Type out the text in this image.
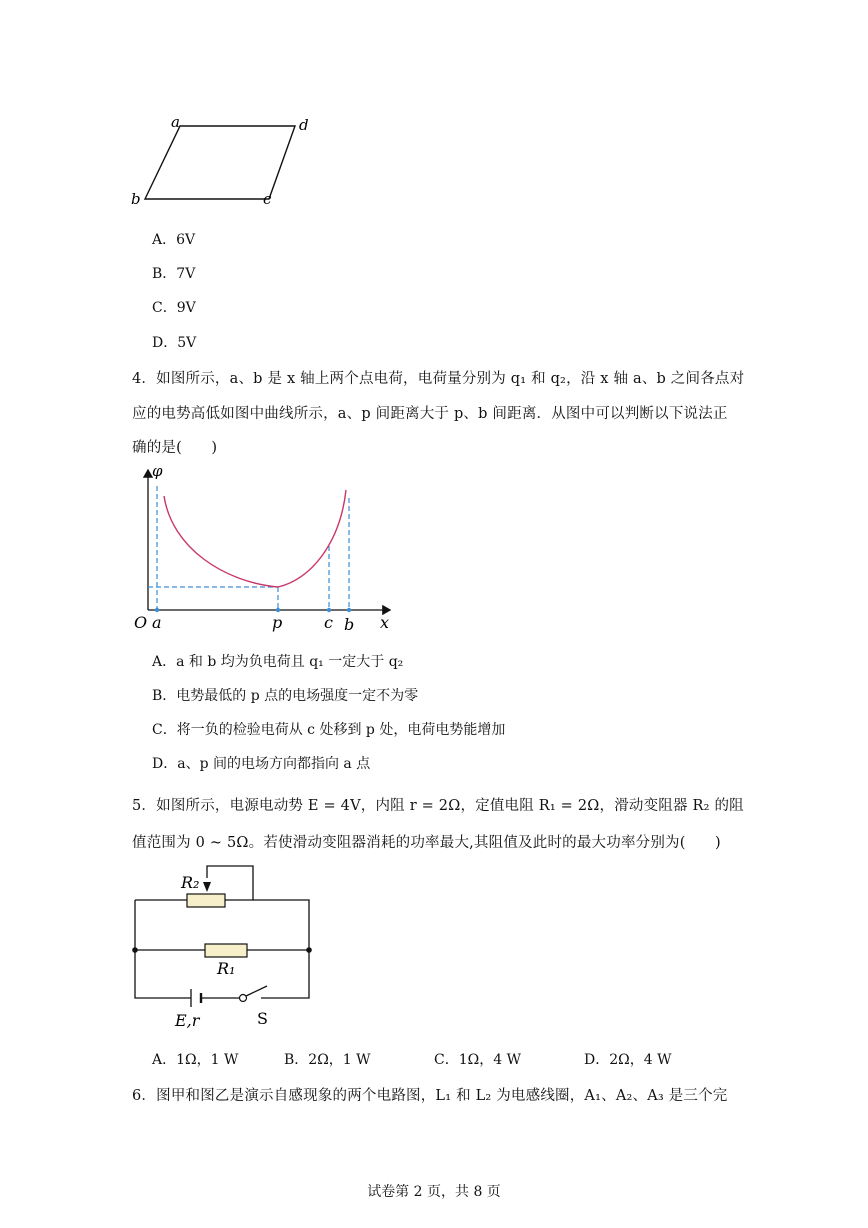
a	d
b	c
A．6V
B．7V
C．9V
D．5V
4．如图所示，a、b 是 x 轴上两个点电荷，电荷量分别为 q₁ 和 q₂，沿 x 轴 a、b 之间各点对
应的电势高低如图中曲线所示，a、p 间距离大于 p、b 间距离．从图中可以判断以下说法正
确的是(　　)
φ
x
O a	p	c b
A．a 和 b 均为负电荷且 q₁ 一定大于 q₂
B．电势最低的 p 点的电场强度一定不为零
C．将一负的检验电荷从 c 处移到 p 处，电荷电势能增加
D．a、p 间的电场方向都指向 a 点
5．如图所示，电源电动势 E = 4V，内阻 r = 2Ω，定值电阻 R₁ = 2Ω，滑动变阻器 R₂ 的阻
值范围为 0 ~ 5Ω。若使滑动变阻器消耗的功率最大,其阻值及此时的最大功率分别为(　　)
R₂
R₁
E,r	S
A．1Ω，1 W	B．2Ω，1 W	C．1Ω，4 W	D．2Ω，4 W
6．图甲和图乙是演示自感现象的两个电路图，L₁ 和 L₂ 为电感线圈，A₁、A₂、A₃ 是三个完
试卷第 2 页，共 8 页
